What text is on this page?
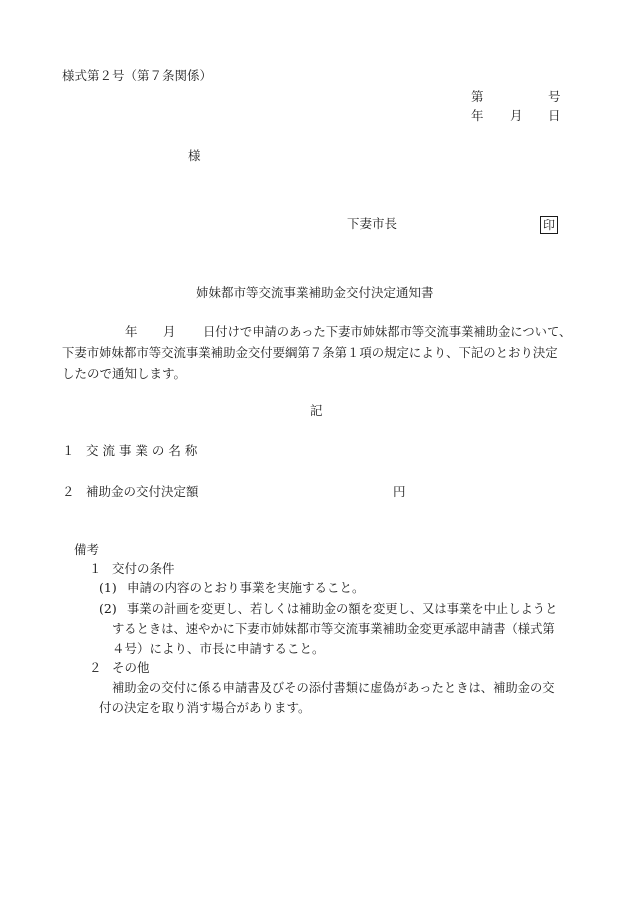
様式第２号（第７条関係）
第	号
年 月 日
様
下妻市長	印
姉妹都市等交流事業補助金交付決定通知書
年 月 日付けで申請のあった下妻市姉妹都市等交流事業補助金について、
下妻市姉妹都市等交流事業補助金交付要綱第７条第１項の規定により、下記のとおり決定
したので通知します。
記
１ 交 流 事 業 の 名 称
２ 補助金の交付決定額	円
備考
１ 交付の条件
(1) 申請の内容のとおり事業を実施すること。
(2) 事業の計画を変更し、若しくは補助金の額を変更し、又は事業を中止しようと
するときは、速やかに下妻市姉妹都市等交流事業補助金変更承認申請書（様式第
４号）により、市長に申請すること。
２ その他
補助金の交付に係る申請書及びその添付書類に虚偽があったときは、補助金の交
付の決定を取り消す場合があります。
